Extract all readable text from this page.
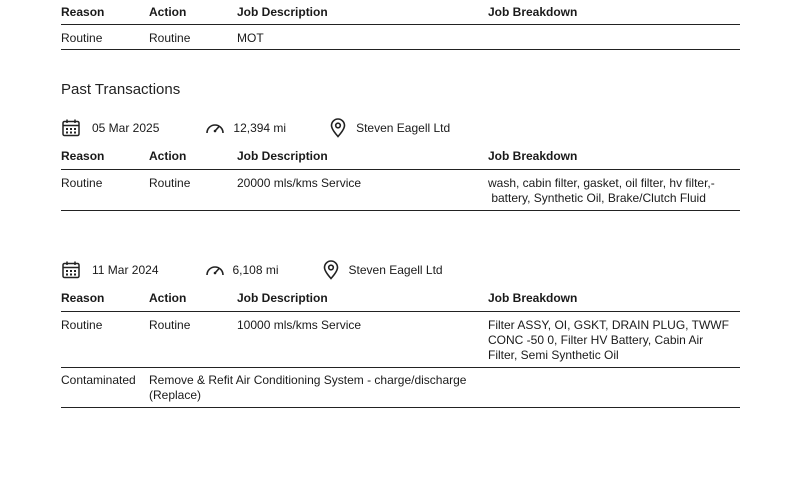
Reason	Action	Job Description	Job Breakdown
Routine	Routine	MOT	
Past Transactions
05 Mar 2025	12,394 mi	Steven Eagell Ltd
Reason	Action	Job Description	Job Breakdown
Routine	Routine	20000 mls/kms Service	wash, cabin filter, gasket, oil filter, hv filter,-
battery, Synthetic Oil, Brake/Clutch Fluid
11 Mar 2024	6,108 mi	Steven Eagell Ltd
Reason	Action	Job Description	Job Breakdown
Routine	Routine	10000 mls/kms Service	Filter ASSY, OI, GSKT, DRAIN PLUG, TWWF
CONC -50 0, Filter HV Battery, Cabin Air
Filter, Semi Synthetic Oil

Contaminated	Remove & Refit Air Conditioning System - charge/discharge
(Replace)		
